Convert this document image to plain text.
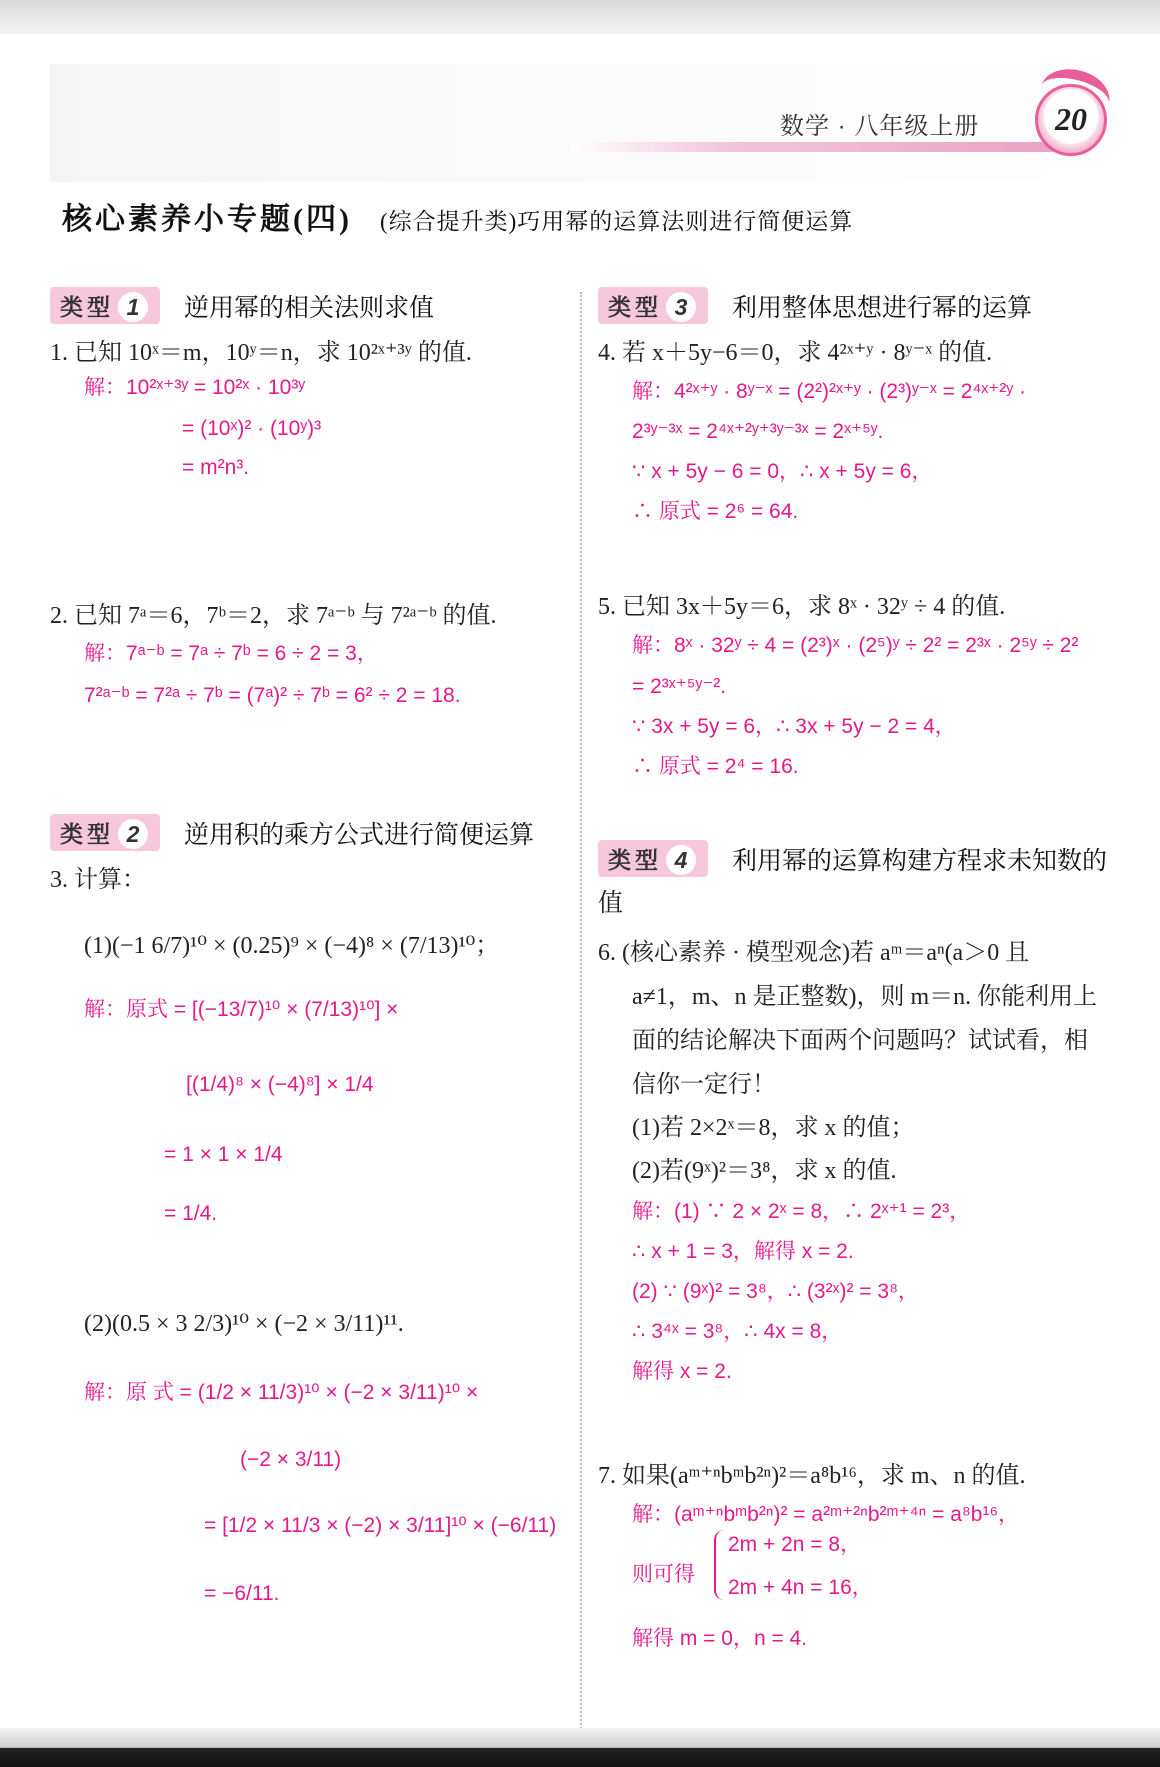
数学 · 八年级上册	20
核心素养小专题(四) (综合提升类)巧用幂的运算法则进行简便运算
类型 1	逆用幂的相关法则求值
1. 已知 10ˣ＝m，10ʸ＝n，求 10²ˣ⁺³ʸ 的值.
解：10²ˣ⁺³ʸ = 10²ˣ · 10³ʸ
= (10ˣ)² · (10ʸ)³
= m²n³.
2. 已知 7ᵃ＝6，7ᵇ＝2，求 7ᵃ⁻ᵇ 与 7²ᵃ⁻ᵇ 的值.
解：7ᵃ⁻ᵇ = 7ᵃ ÷ 7ᵇ = 6 ÷ 2 = 3，
7²ᵃ⁻ᵇ = 7²ᵃ ÷ 7ᵇ = (7ᵃ)² ÷ 7ᵇ = 6² ÷ 2 = 18.
类型 2	逆用积的乘方公式进行简便运算
3. 计算：
(1)(−1 6/7)¹⁰ × (0.25)⁹ × (−4)⁸ × (7/13)¹⁰；
解：原式 = [(−13/7)¹⁰ × (7/13)¹⁰] ×
[(1/4)⁸ × (−4)⁸] × 1/4
= 1 × 1 × 1/4
= 1/4.
(2)(0.5 × 3 2/3)¹⁰ × (−2 × 3/11)¹¹.
解：原 式 = (1/2 × 11/3)¹⁰ × (−2 × 3/11)¹⁰ ×
(−2 × 3/11)
= [1/2 × 11/3 × (−2) × 3/11]¹⁰ × (−6/11)
= −6/11.
类型 3	利用整体思想进行幂的运算
4. 若 x＋5y−6＝0，求 4²ˣ⁺ʸ · 8ʸ⁻ˣ 的值.
解：4²ˣ⁺ʸ · 8ʸ⁻ˣ = (2²)²ˣ⁺ʸ · (2³)ʸ⁻ˣ = 2⁴ˣ⁺²ʸ ·
2³ʸ⁻³ˣ = 2⁴ˣ⁺²ʸ⁺³ʸ⁻³ˣ = 2ˣ⁺⁵ʸ.
∵ x + 5y − 6 = 0，∴ x + 5y = 6，
∴ 原式 = 2⁶ = 64.
5. 已知 3x＋5y＝6，求 8ˣ · 32ʸ ÷ 4 的值.
解：8ˣ · 32ʸ ÷ 4 = (2³)ˣ · (2⁵)ʸ ÷ 2² = 2³ˣ · 2⁵ʸ ÷ 2²
= 2³ˣ⁺⁵ʸ⁻².
∵ 3x + 5y = 6，∴ 3x + 5y − 2 = 4，
∴ 原式 = 2⁴ = 16.
类型 4	利用幂的运算构建方程求未知数的
值
6. (核心素养 · 模型观念)若 aᵐ＝aⁿ(a＞0 且
a≠1，m、n 是正整数)，则 m＝n. 你能利用上
面的结论解决下面两个问题吗？试试看，相
信你一定行！
(1)若 2×2ˣ＝8，求 x 的值；
(2)若(9ˣ)²＝3⁸，求 x 的值.
解：(1) ∵ 2 × 2ˣ = 8，∴ 2ˣ⁺¹ = 2³，
∴ x + 1 = 3，解得 x = 2.
(2) ∵ (9ˣ)² = 3⁸，∴ (3²ˣ)² = 3⁸，
∴ 3⁴ˣ = 3⁸，∴ 4x = 8，
解得 x = 2.
7. 如果(aᵐ⁺ⁿbᵐb²ⁿ)²＝a⁸b¹⁶，求 m、n 的值.
解：(aᵐ⁺ⁿbᵐb²ⁿ)² = a²ᵐ⁺²ⁿb²ᵐ⁺⁴ⁿ = a⁸b¹⁶，
则可得
2m + 2n = 8，
2m + 4n = 16，
解得 m = 0，n = 4.
